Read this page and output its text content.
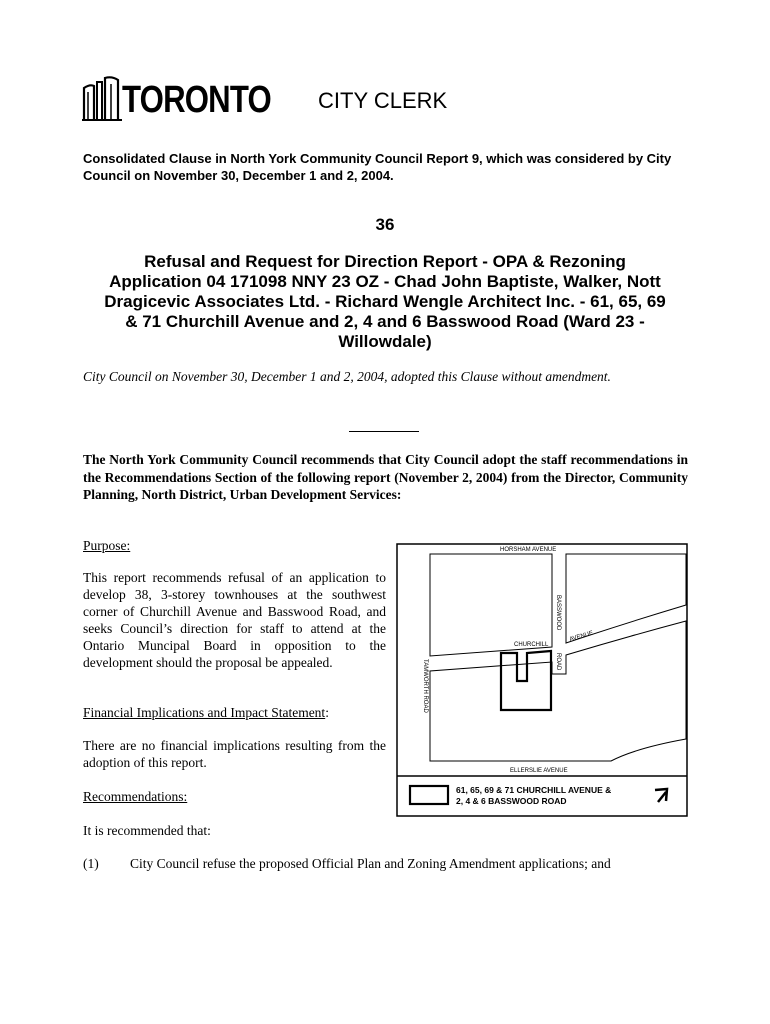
TORONTO CITY CLERK
Consolidated Clause in North York Community Council Report 9, which was considered by City Council on November 30, December 1 and 2, 2004.
36
Refusal and Request for Direction Report - OPA & Rezoning Application 04 171098 NNY 23 OZ - Chad John Baptiste, Walker, Nott Dragicevic Associates Ltd. - Richard Wengle Architect Inc. - 61, 65, 69 & 71 Churchill Avenue and 2, 4 and 6 Basswood Road (Ward 23 - Willowdale)
City Council on November 30, December 1 and 2, 2004, adopted this Clause without amendment.
The North York Community Council recommends that City Council adopt the staff recommendations in the Recommendations Section of the following report (November 2, 2004) from the Director, Community Planning, North District, Urban Development Services:
Purpose:
This report recommends refusal of an application to develop 38, 3-storey townhouses at the southwest corner of Churchill Avenue and Basswood Road, and seeks Council’s direction for staff to attend at the Ontario Muncipal Board in opposition to the development should the proposal be appealed.
Financial Implications and Impact Statement:
There are no financial implications resulting from the adoption of this report.
Recommendations:
It is recommended that:
(1) City Council refuse the proposed Official Plan and Zoning Amendment applications; and
HORSHAM AVENUE
BASSWOOD
ROAD
CHURCHILL
AVENUE
TAMWORTH ROAD
ELLERSLIE AVENUE
61, 65, 69 & 71 CHURCHILL AVENUE &
2, 4 & 6 BASSWOOD ROAD
